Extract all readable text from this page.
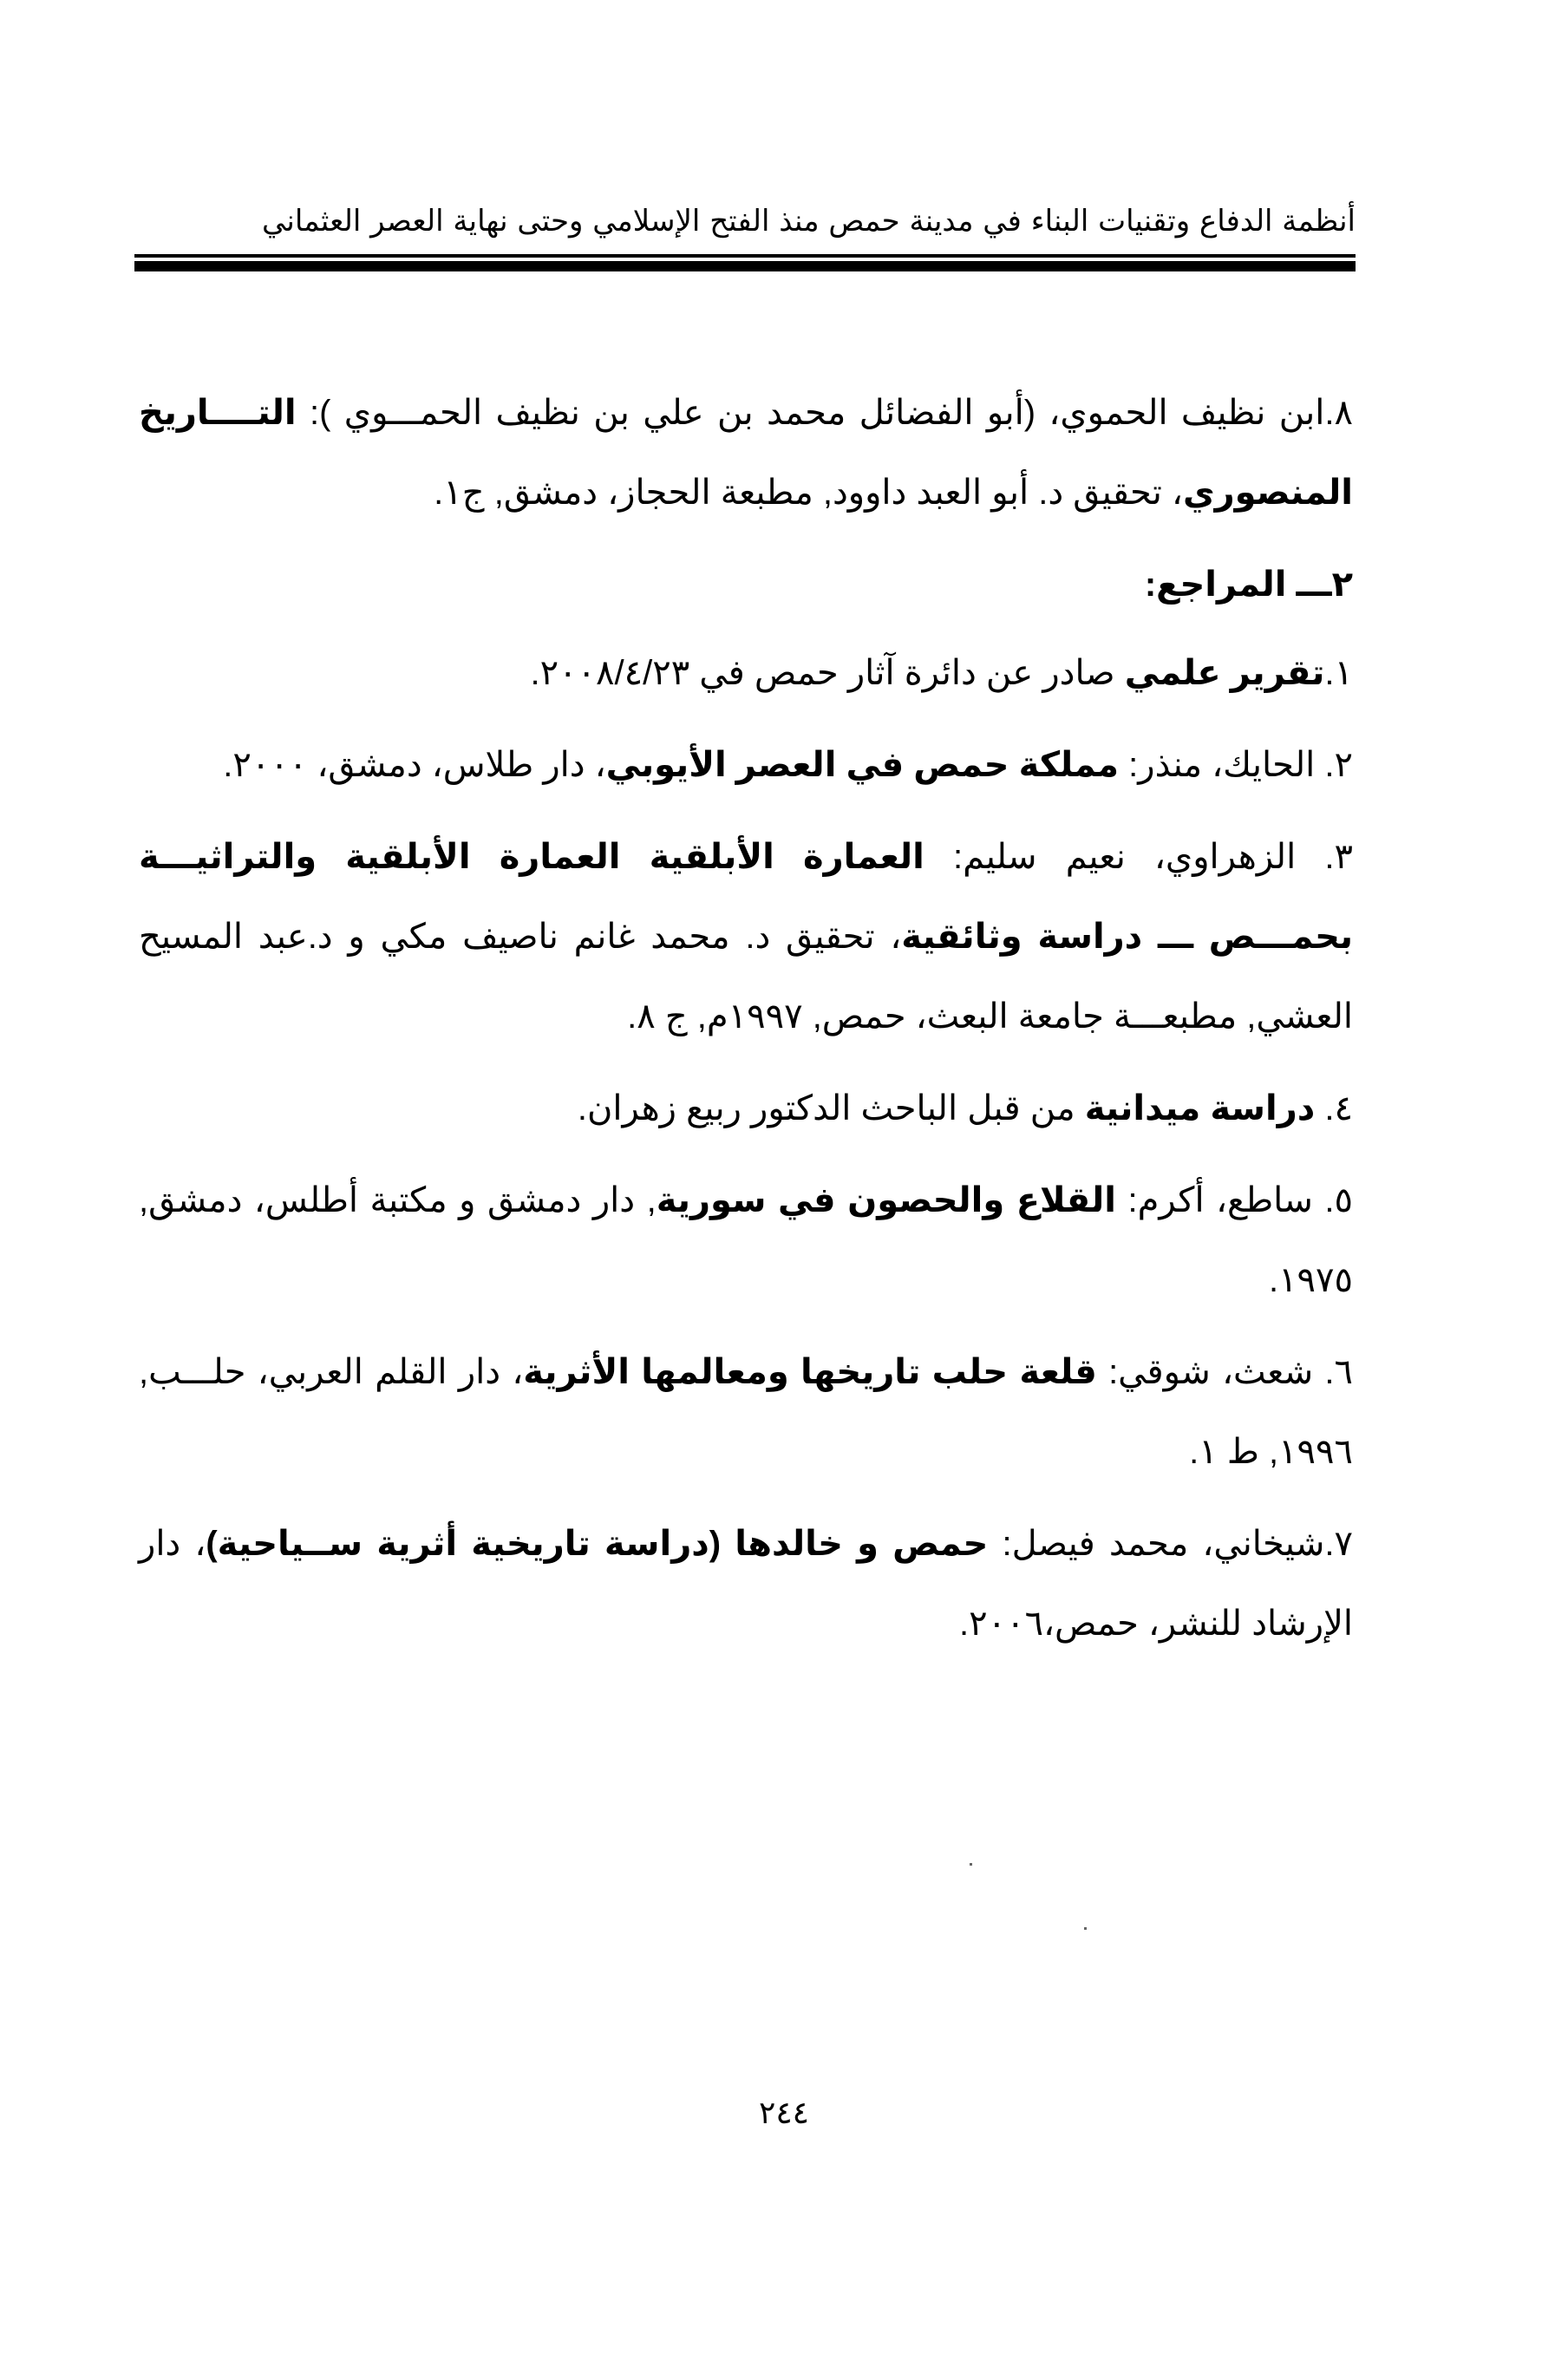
أنظمة الدفاع وتقنيات البناء في مدينة حمص منذ الفتح الإسلامي وحتى نهاية العصر العثماني

٨.ابن نظيف الحموي، (أبو الفضائل محمد بن علي بن نظيف الحمـــوي ): التــــاريخ المنصوري، تحقيق د. أبو العبد داوود, مطبعة الحجاز، دمشق, ج١.

٢ـــ المراجع:

١.تقرير علمي صادر عن دائرة آثار حمص في ٢٠٠٨/٤/٢٣.

٢. الحايك، منذر: مملكة حمص في العصر الأيوبي، دار طلاس، دمشق، ٢٠٠٠.

٣. الزهراوي، نعيم سليم: العمارة الأبلقية العمارة الأبلقية والتراثيـــة بحمـــص ـــ دراسة وثائقية، تحقيق د. محمد غانم ناصيف مكي و د.عبد المسيح العشي, مطبعـــة جامعة البعث، حمص, ١٩٩٧م, ج ٨.

٤. دراسة ميدانية من قبل الباحث الدكتور ربيع زهران.

٥. ساطع، أكرم: القلاع والحصون في سورية, دار دمشق و مكتبة أطلس، دمشق, ١٩٧٥.

٦. شعث، شوقي: قلعة حلب تاريخها ومعالمها الأثرية، دار القلم العربي، حلـــب, ١٩٩٦, ط ١.

٧.شيخاني، محمد فيصل: حمص و خالدها (دراسة تاريخية أثرية ســياحية)، دار الإرشاد للنشر، حمص،٢٠٠٦.

٢٤٤
